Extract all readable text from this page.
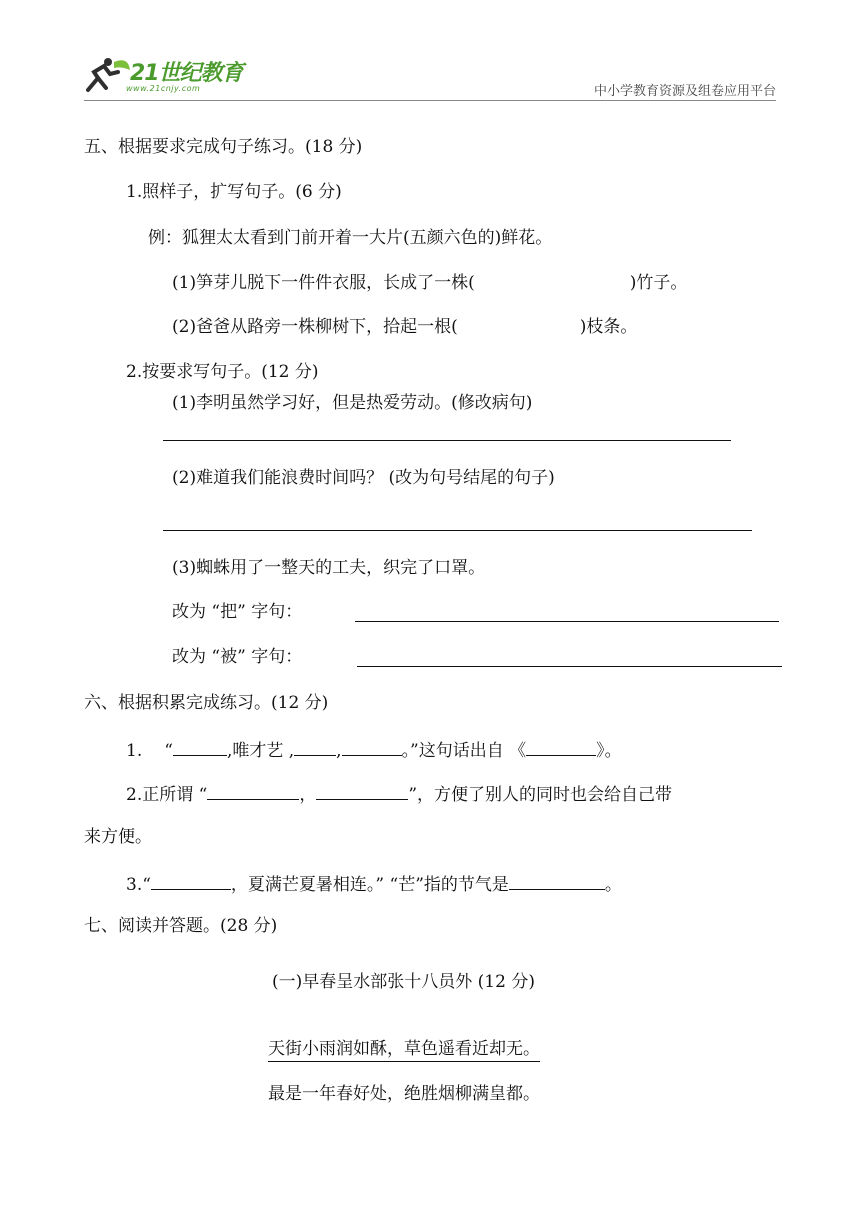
21世纪教育
www.21cnjy.com	中小学教育资源及组卷应用平台
五、根据要求完成句子练习。(18 分)
1.照样子，扩写句子。(6 分)
例：狐狸太太看到门前开着一大片(五颜六色的)鲜花。
(1)笋芽儿脱下一件件衣服，长成了一株(	)竹子。
(2)爸爸从路旁一株柳树下，拾起一根(	)枝条。
2.按要求写句子。(12 分)
(1)李明虽然学习好，但是热爱劳动。(修改病句)
(2)难道我们能浪费时间吗？ (改为句号结尾的句子)
(3)蜘蛛用了一整天的工夫，织完了口罩。
改为 “把” 字句：
改为 “被” 字句：
六、根据积累完成练习。(12 分)
1. “	,唯才艺 , ,	。”这句话出自 《	》。
2.正所谓 “	，	”，方便了别人的同时也会给自己带
来方便。
3.“	，夏满芒夏暑相连。” “芒”指的节气是	。
七、阅读并答题。(28 分)
(一)早春呈水部张十八员外 (12 分)
天街小雨润如酥，草色遥看近却无。
最是一年春好处，绝胜烟柳满皇都。
